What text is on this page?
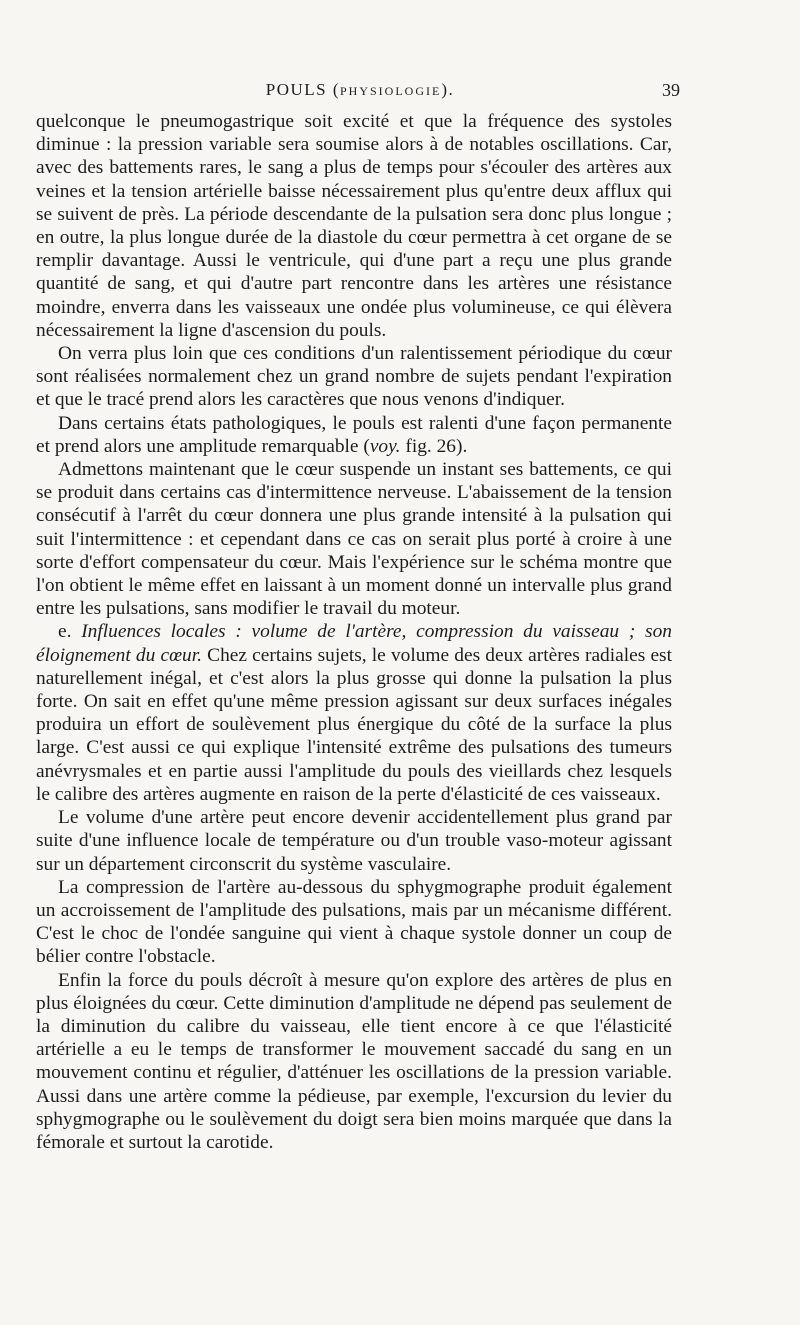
POULS (PHYSIOLOGIE).	39

quelconque le pneumogastrique soit excité et que la fréquence des systoles diminue : la pression variable sera soumise alors à de notables oscillations. Car, avec des battements rares, le sang a plus de temps pour s'écouler des artères aux veines et la tension artérielle baisse nécessairement plus qu'entre deux afflux qui se suivent de près. La période descendante de la pulsation sera donc plus longue ; en outre, la plus longue durée de la diastole du cœur permettra à cet organe de se remplir davantage. Aussi le ventricule, qui d'une part a reçu une plus grande quantité de sang, et qui d'autre part rencontre dans les artères une résistance moindre, enverra dans les vaisseaux une ondée plus volumineuse, ce qui élèvera nécessairement la ligne d'ascension du pouls.

On verra plus loin que ces conditions d'un ralentissement périodique du cœur sont réalisées normalement chez un grand nombre de sujets pendant l'expiration et que le tracé prend alors les caractères que nous venons d'indiquer.

Dans certains états pathologiques, le pouls est ralenti d'une façon permanente et prend alors une amplitude remarquable (voy. fig. 26).

Admettons maintenant que le cœur suspende un instant ses battements, ce qui se produit dans certains cas d'intermittence nerveuse. L'abaissement de la tension consécutif à l'arrêt du cœur donnera une plus grande intensité à la pulsation qui suit l'intermittence : et cependant dans ce cas on serait plus porté à croire à une sorte d'effort compensateur du cœur. Mais l'expérience sur le schéma montre que l'on obtient le même effet en laissant à un moment donné un intervalle plus grand entre les pulsations, sans modifier le travail du moteur.

e. Influences locales : volume de l'artère, compression du vaisseau ; son éloignement du cœur. Chez certains sujets, le volume des deux artères radiales est naturellement inégal, et c'est alors la plus grosse qui donne la pulsation la plus forte. On sait en effet qu'une même pression agissant sur deux surfaces inégales produira un effort de soulèvement plus énergique du côté de la surface la plus large. C'est aussi ce qui explique l'intensité extrême des pulsations des tumeurs anévrysmales et en partie aussi l'amplitude du pouls des vieillards chez lesquels le calibre des artères augmente en raison de la perte d'élasticité de ces vaisseaux.

Le volume d'une artère peut encore devenir accidentellement plus grand par suite d'une influence locale de température ou d'un trouble vaso-moteur agissant sur un département circonscrit du système vasculaire.

La compression de l'artère au-dessous du sphygmographe produit également un accroissement de l'amplitude des pulsations, mais par un mécanisme différent. C'est le choc de l'ondée sanguine qui vient à chaque systole donner un coup de bélier contre l'obstacle.

Enfin la force du pouls décroît à mesure qu'on explore des artères de plus en plus éloignées du cœur. Cette diminution d'amplitude ne dépend pas seulement de la diminution du calibre du vaisseau, elle tient encore à ce que l'élasticité artérielle a eu le temps de transformer le mouvement saccadé du sang en un mouvement continu et régulier, d'atténuer les oscillations de la pression variable. Aussi dans une artère comme la pédieuse, par exemple, l'excursion du levier du sphygmographe ou le soulèvement du doigt sera bien moins marquée que dans la fémorale et surtout la carotide.
